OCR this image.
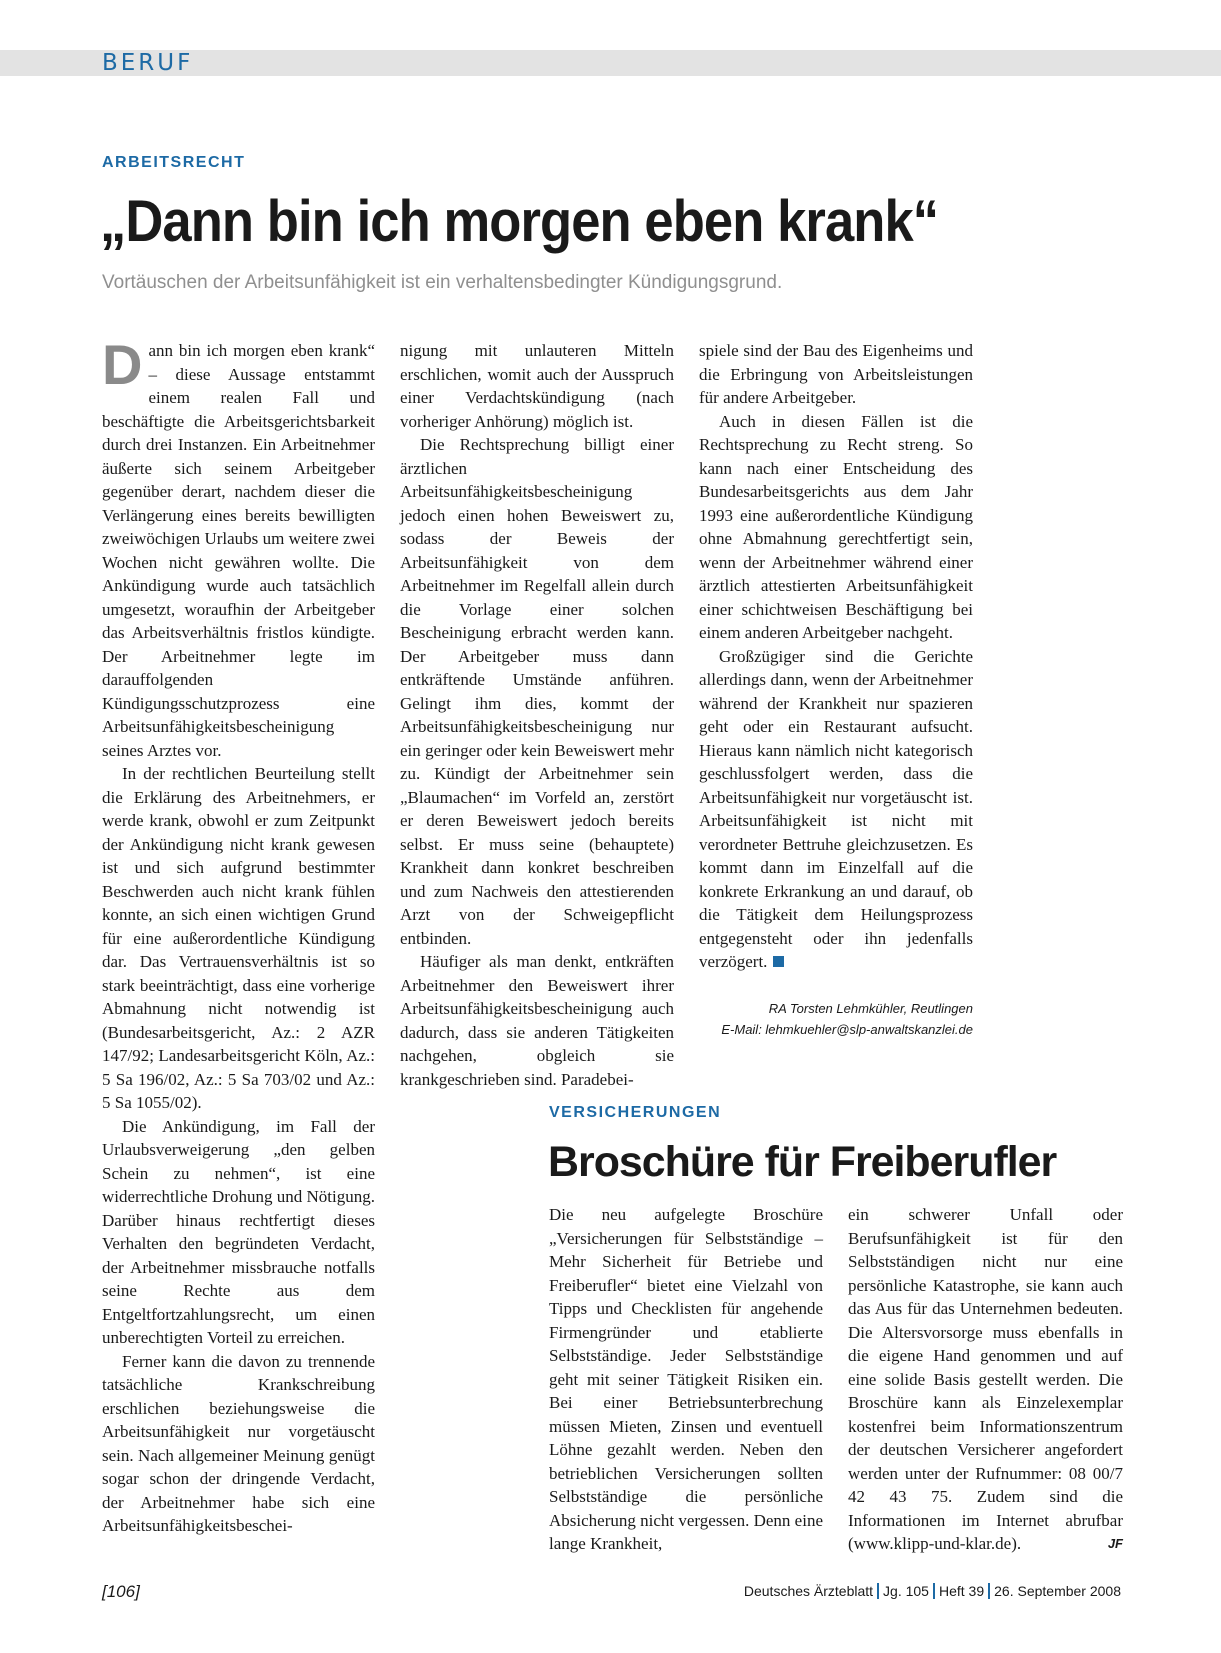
BERUF
ARBEITSRECHT
„Dann bin ich morgen eben krank“
Vortäuschen der Arbeitsunfähigkeit ist ein verhaltensbedingter Kündigungsgrund.

Dann bin ich morgen eben krank“ – diese Aussage entstammt einem realen Fall und beschäftigte die Arbeitsgerichtsbarkeit durch drei Instanzen. Ein Arbeitnehmer äußerte sich seinem Arbeitgeber gegenüber derart, nachdem dieser die Verlängerung eines bereits bewilligten zweiwöchigen Urlaubs um weitere zwei Wochen nicht gewähren wollte. Die Ankündigung wurde auch tatsächlich umgesetzt, woraufhin der Arbeitgeber das Arbeitsverhältnis fristlos kündigte. Der Arbeitnehmer legte im darauffolgenden Kündigungsschutzprozess eine Arbeitsunfähigkeitsbescheinigung seines Arztes vor.

In der rechtlichen Beurteilung stellt die Erklärung des Arbeitnehmers, er werde krank, obwohl er zum Zeitpunkt der Ankündigung nicht krank gewesen ist und sich aufgrund bestimmter Beschwerden auch nicht krank fühlen konnte, an sich einen wichtigen Grund für eine außerordentliche Kündigung dar. Das Vertrauensverhältnis ist so stark beeinträchtigt, dass eine vorherige Abmahnung nicht notwendig ist (Bundesarbeitsgericht, Az.: 2 AZR 147/92; Landesarbeitsgericht Köln, Az.: 5 Sa 196/02, Az.: 5 Sa 703/02 und Az.: 5 Sa 1055/02).

Die Ankündigung, im Fall der Urlaubsverweigerung „den gelben Schein zu nehmen“, ist eine widerrechtliche Drohung und Nötigung. Darüber hinaus rechtfertigt dieses Verhalten den begründeten Verdacht, der Arbeitnehmer missbrauche notfalls seine Rechte aus dem Entgeltfortzahlungsrecht, um einen unberechtigten Vorteil zu erreichen.

Ferner kann die davon zu trennende tatsächliche Krankschreibung erschlichen beziehungsweise die Arbeitsunfähigkeit nur vorgetäuscht sein. Nach allgemeiner Meinung genügt sogar schon der dringende Verdacht, der Arbeitnehmer habe sich eine Arbeitsunfähigkeitsbeschei-

nigung mit unlauteren Mitteln erschlichen, womit auch der Ausspruch einer Verdachtskündigung (nach vorheriger Anhörung) möglich ist.

Die Rechtsprechung billigt einer ärztlichen Arbeitsunfähigkeitsbescheinigung jedoch einen hohen Beweiswert zu, sodass der Beweis der Arbeitsunfähigkeit von dem Arbeitnehmer im Regelfall allein durch die Vorlage einer solchen Bescheinigung erbracht werden kann. Der Arbeitgeber muss dann entkräftende Umstände anführen. Gelingt ihm dies, kommt der Arbeitsunfähigkeitsbescheinigung nur ein geringer oder kein Beweiswert mehr zu. Kündigt der Arbeitnehmer sein „Blaumachen“ im Vorfeld an, zerstört er deren Beweiswert jedoch bereits selbst. Er muss seine (behauptete) Krankheit dann konkret beschreiben und zum Nachweis den attestierenden Arzt von der Schweigepflicht entbinden.

Häufiger als man denkt, entkräften Arbeitnehmer den Beweiswert ihrer Arbeitsunfähigkeitsbescheinigung auch dadurch, dass sie anderen Tätigkeiten nachgehen, obgleich sie krankgeschrieben sind. Paradebei-

spiele sind der Bau des Eigenheims und die Erbringung von Arbeitsleistungen für andere Arbeitgeber.

Auch in diesen Fällen ist die Rechtsprechung zu Recht streng. So kann nach einer Entscheidung des Bundesarbeitsgerichts aus dem Jahr 1993 eine außerordentliche Kündigung ohne Abmahnung gerechtfertigt sein, wenn der Arbeitnehmer während einer ärztlich attestierten Arbeitsunfähigkeit einer schichtweisen Beschäftigung bei einem anderen Arbeitgeber nachgeht.

Großzügiger sind die Gerichte allerdings dann, wenn der Arbeitnehmer während der Krankheit nur spazieren geht oder ein Restaurant aufsucht. Hieraus kann nämlich nicht kategorisch geschlussfolgert werden, dass die Arbeitsunfähigkeit nur vorgetäuscht ist. Arbeitsunfähigkeit ist nicht mit verordneter Bettruhe gleichzusetzen. Es kommt dann im Einzelfall auf die konkrete Erkrankung an und darauf, ob die Tätigkeit dem Heilungsprozess entgegensteht oder ihn jedenfalls verzögert.

RA Torsten Lehmkühler, Reutlingen
E-Mail: lehmkuehler@slp-anwaltskanzlei.de
VERSICHERUNGEN
Broschüre für Freiberufler

Die neu aufgelegte Broschüre „Versicherungen für Selbstständige – Mehr Sicherheit für Betriebe und Freiberufler“ bietet eine Vielzahl von Tipps und Checklisten für angehende Firmengründer und etablierte Selbstständige. Jeder Selbstständige geht mit seiner Tätigkeit Risiken ein. Bei einer Betriebsunterbrechung müssen Mieten, Zinsen und eventuell Löhne gezahlt werden. Neben den betrieblichen Versicherungen sollten Selbstständige die persönliche Absicherung nicht vergessen. Denn eine lange Krankheit,

ein schwerer Unfall oder Berufsunfähigkeit ist für den Selbstständigen nicht nur eine persönliche Katastrophe, sie kann auch das Aus für das Unternehmen bedeuten. Die Altersvorsorge muss ebenfalls in die eigene Hand genommen und auf eine solide Basis gestellt werden. Die Broschüre kann als Einzelexemplar kostenfrei beim Informationszentrum der deutschen Versicherer angefordert werden unter der Rufnummer: 08 00/7 42 43 75. Zudem sind die Informationen im Internet abrufbar (www.klipp-und-klar.de).	JF

[106]	Deutsches Ärzteblatt Jg. 105 Heft 39 26. September 2008
